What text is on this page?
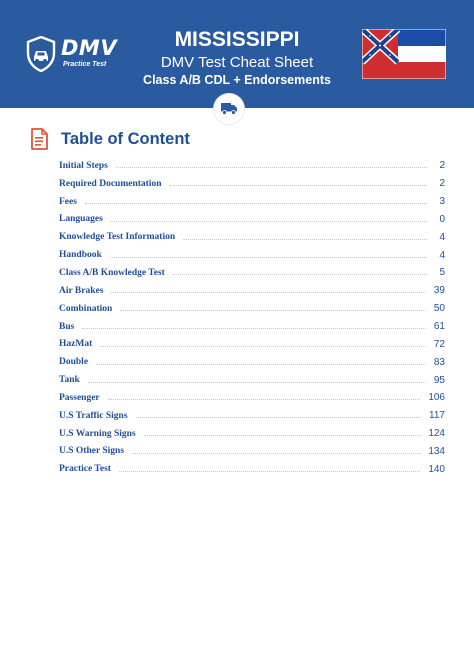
DMV
Practice Test
MISSISSIPPI
DMV Test Cheat Sheet
Class A/B CDL + Endorsements
Table of Content
Initial Steps	2
Required Documentation	2
Fees	3
Languages	0
Knowledge Test Information	4
Handbook	4
Class A/B Knowledge Test	5
Air Brakes	39
Combination	50
Bus	61
HazMat	72
Double	83
Tank	95
Passenger	106
U.S Traffic Signs	117
U.S Warning Signs	124
U.S Other Signs	134
Practice Test	140
